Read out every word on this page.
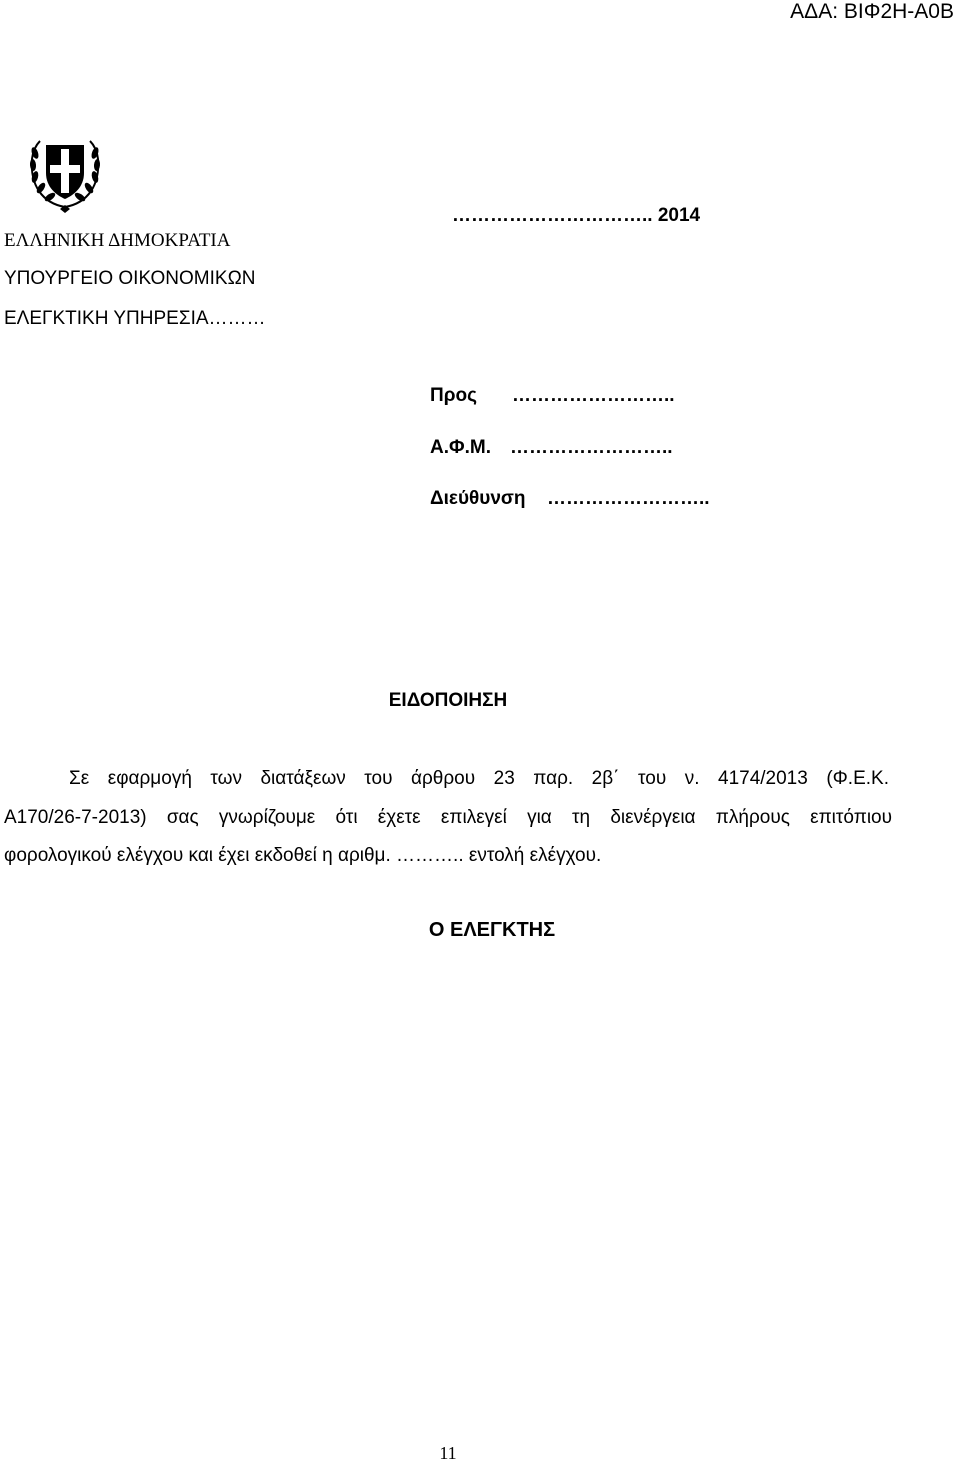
ΑΔΑ: ΒΙΦ2Η-Α0Β
ΕΛΛΗΝΙΚΗ ΔΗΜΟΚΡΑΤΙΑ
ΥΠΟΥΡΓΕΙΟ ΟΙΚΟΝΟΜΙΚΩΝ
ΕΛΕΓΚΤΙΚΗ ΥΠΗΡΕΣΙΑ………
………………………….. 2014
Προς ……………………..
Α.Φ.Μ. ……………………..
Διεύθυνση ……………………..
ΕΙΔΟΠΟΙΗΣΗ
Σε εφαρμογή των διατάξεων του άρθρου 23 παρ. 2β΄ του ν. 4174/2013 (Φ.Ε.Κ.
Α170/26-7-2013) σας γνωρίζουμε ότι έχετε επιλεγεί για τη διενέργεια πλήρους επιτόπιου
φορολογικού ελέγχου και έχει εκδοθεί η αριθμ. ……….. εντολή ελέγχου.
Ο ΕΛΕΓΚΤΗΣ
11
